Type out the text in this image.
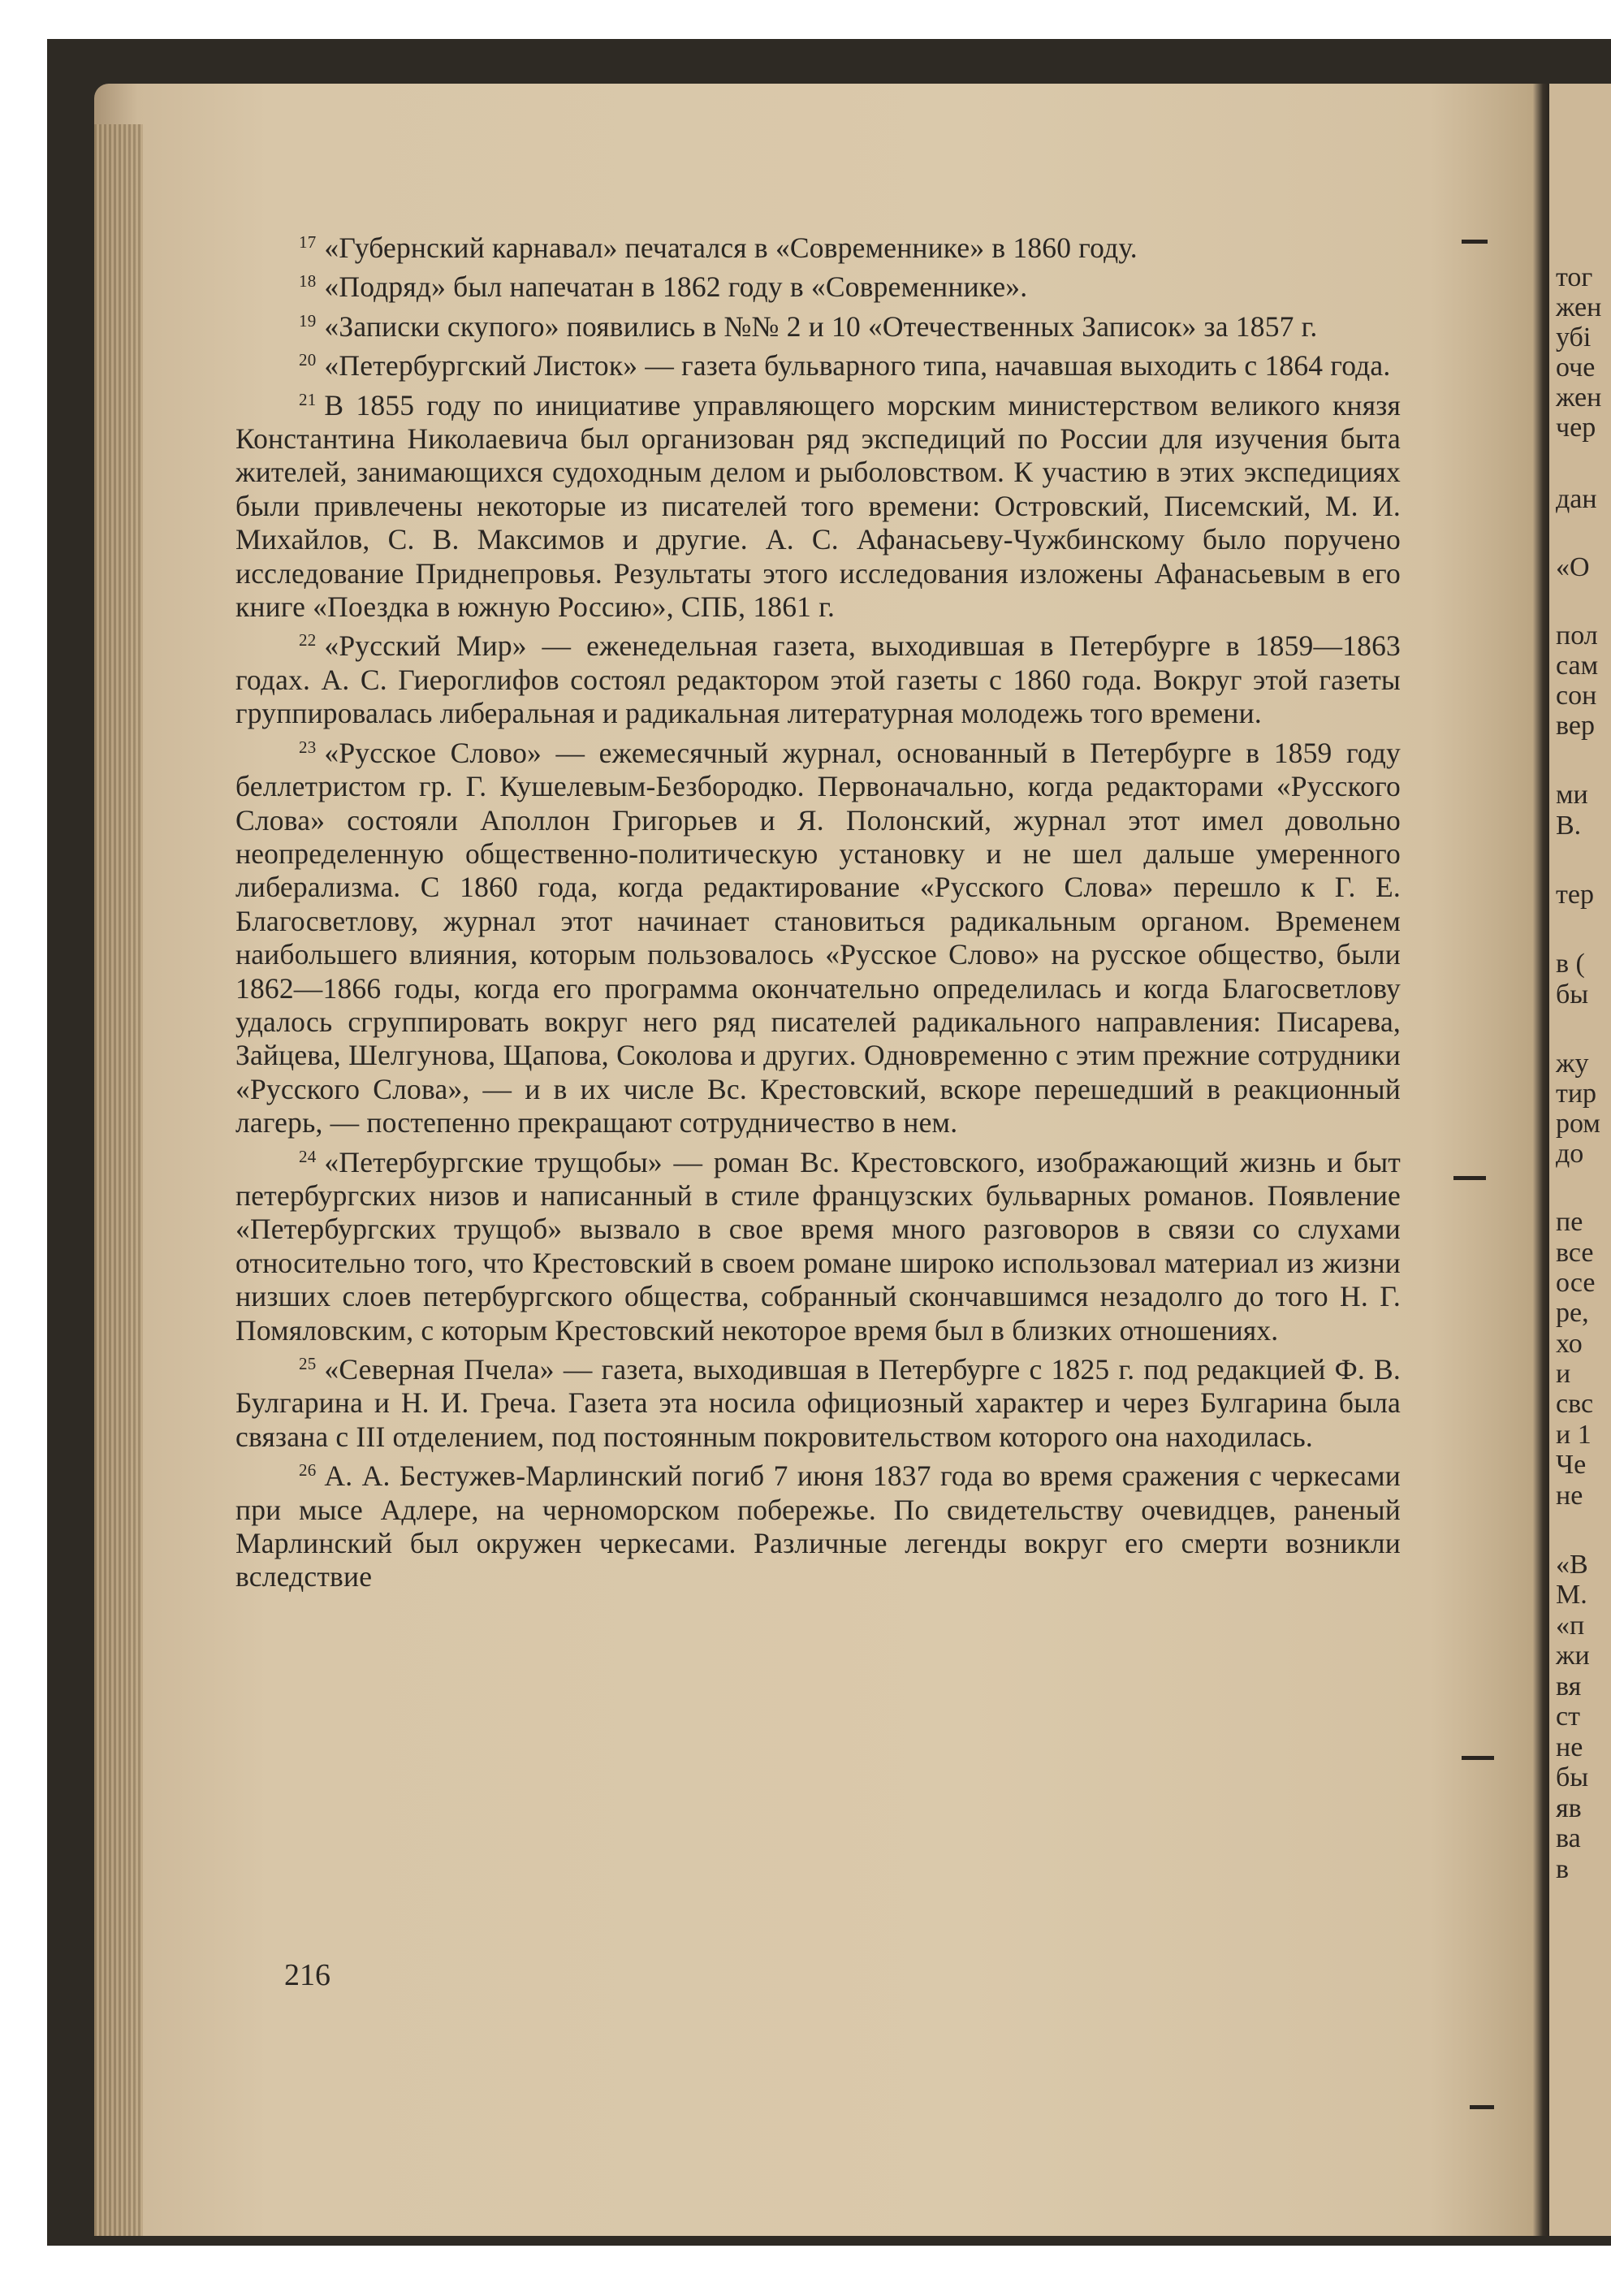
тог
жен
убі
оче
жен
чер
дан
«О
пол
сам
сон
вер
ми
В.
тер
в (
бы
жу
тир
ром
до
пе
все
осе
ре,
хо
и
свс
и 1
Че
не
«В
М.
«п
жи
вя
ст
не
бы
яв
ва
в

$^{17}$ «Губернский карнавал» печатался в «Современнике» в 1860 году.

$^{18}$ «Подряд» был напечатан в 1862 году в «Современнике».

$^{19}$ «Записки скупого» появились в №№ 2 и 10 «Отечественных Записок» за 1857 г.

$^{20}$ «Петербургский Листок» — газета бульварного типа, начавшая выходить с 1864 года.

$^{21}$ В 1855 году по инициативе управляющего морским министерством великого князя Константина Николаевича был организован ряд экспедиций по России для изучения быта жителей, занимающихся судоходным делом и рыболовством. К участию в этих экспедициях были привлечены некоторые из писателей того времени: Островский, Писемский, М. И. Михайлов, С. В. Максимов и другие. А. С. Афанасьеву-Чужбинскому было поручено исследование Приднепровья. Результаты этого исследования изложены Афанасьевым в его книге «Поездка в южную Россию», СПБ, 1861 г.

$^{22}$ «Русский Мир» — еженедельная газета, выходившая в Петербурге в 1859—1863 годах. А. С. Гиероглифов состоял редактором этой газеты с 1860 года. Вокруг этой газеты группировалась либеральная и радикальная литературная молодежь того времени.

$^{23}$ «Русское Слово» — ежемесячный журнал, основанный в Петербурге в 1859 году беллетристом гр. Г. Кушелевым-Безбородко. Первоначально, когда редакторами «Русского Слова» состояли Аполлон Григорьев и Я. Полонский, журнал этот имел довольно неопределенную общественно-политическую установку и не шел дальше умеренного либерализма. С 1860 года, когда редактирование «Русского Слова» перешло к Г. Е. Благосветлову, журнал этот начинает становиться радикальным органом. Временем наибольшего влияния, которым пользовалось «Русское Слово» на русское общество, были 1862—1866 годы, когда его программа окончательно определилась и когда Благосветлову удалось сгруппировать вокруг него ряд писателей радикального направления: Писарева, Зайцева, Шелгунова, Щапова, Соколова и других. Одновременно с этим прежние сотрудники «Русского Слова», — и в их числе Вс. Крестовский, вскоре перешедший в реакционный лагерь, — постепенно прекращают сотрудничество в нем.

$^{24}$ «Петербургские трущобы» — роман Вс. Крестовского, изображающий жизнь и быт петербургских низов и написанный в стиле французских бульварных романов. Появление «Петербургских трущоб» вызвало в свое время много разговоров в связи со слухами относительно того, что Крестовский в своем романе широко использовал материал из жизни низших слоев петербургского общества, собранный скончавшимся незадолго до того Н. Г. Помяловским, с которым Крестовский некоторое время был в близких отношениях.

$^{25}$ «Северная Пчела» — газета, выходившая в Петербурге с 1825 г. под редакцией Ф. В. Булгарина и Н. И. Греча. Газета эта носила официозный характер и через Булгарина была связана с III отделением, под постоянным покровительством которого она находилась.

$^{26}$ А. А. Бестужев-Марлинский погиб 7 июня 1837 года во время сражения с черкесами при мысе Адлере, на черноморском побережье. По свидетельству очевидцев, раненый Марлинский был окружен черкесами. Различные легенды вокруг его смерти возникли вследствие

216
